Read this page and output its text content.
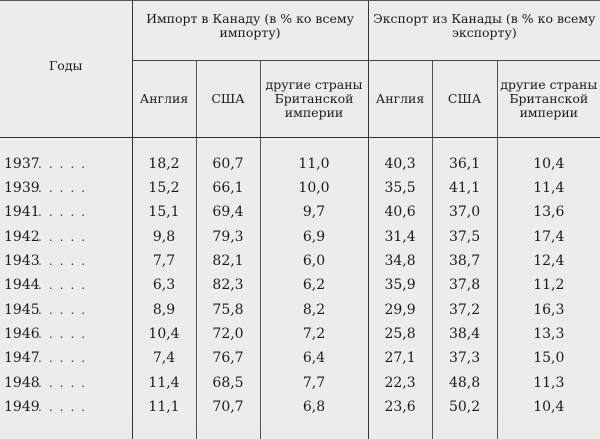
Годы	Импорт в Канаду (в % ко всему импорту)			Экспорт из Канады (в % ко всему экспорту)		
	Англия	США	другие страны Британской империи	Англия	США	другие страны Британской империи
1937.....	18,2	60,7	11,0	40,3	36,1	10,4
1939.....	15,2	66,1	10,0	35,5	41,1	11,4
1941.....	15,1	69,4	9,7	40,6	37,0	13,6
1942.....	9,8	79,3	6,9	31,4	37,5	17,4
1943.....	7,7	82,1	6,0	34,8	38,7	12,4
1944.....	6,3	82,3	6,2	35,9	37,8	11,2
1945.....	8,9	75,8	8,2	29,9	37,2	16,3
1946.....	10,4	72,0	7,2	25,8	38,4	13,3
1947.....	7,4	76,7	6,4	27,1	37,3	15,0
1948.....	11,4	68,5	7,7	22,3	48,8	11,3
1949.....	11,1	70,7	6,8	23,6	50,2	10,4
